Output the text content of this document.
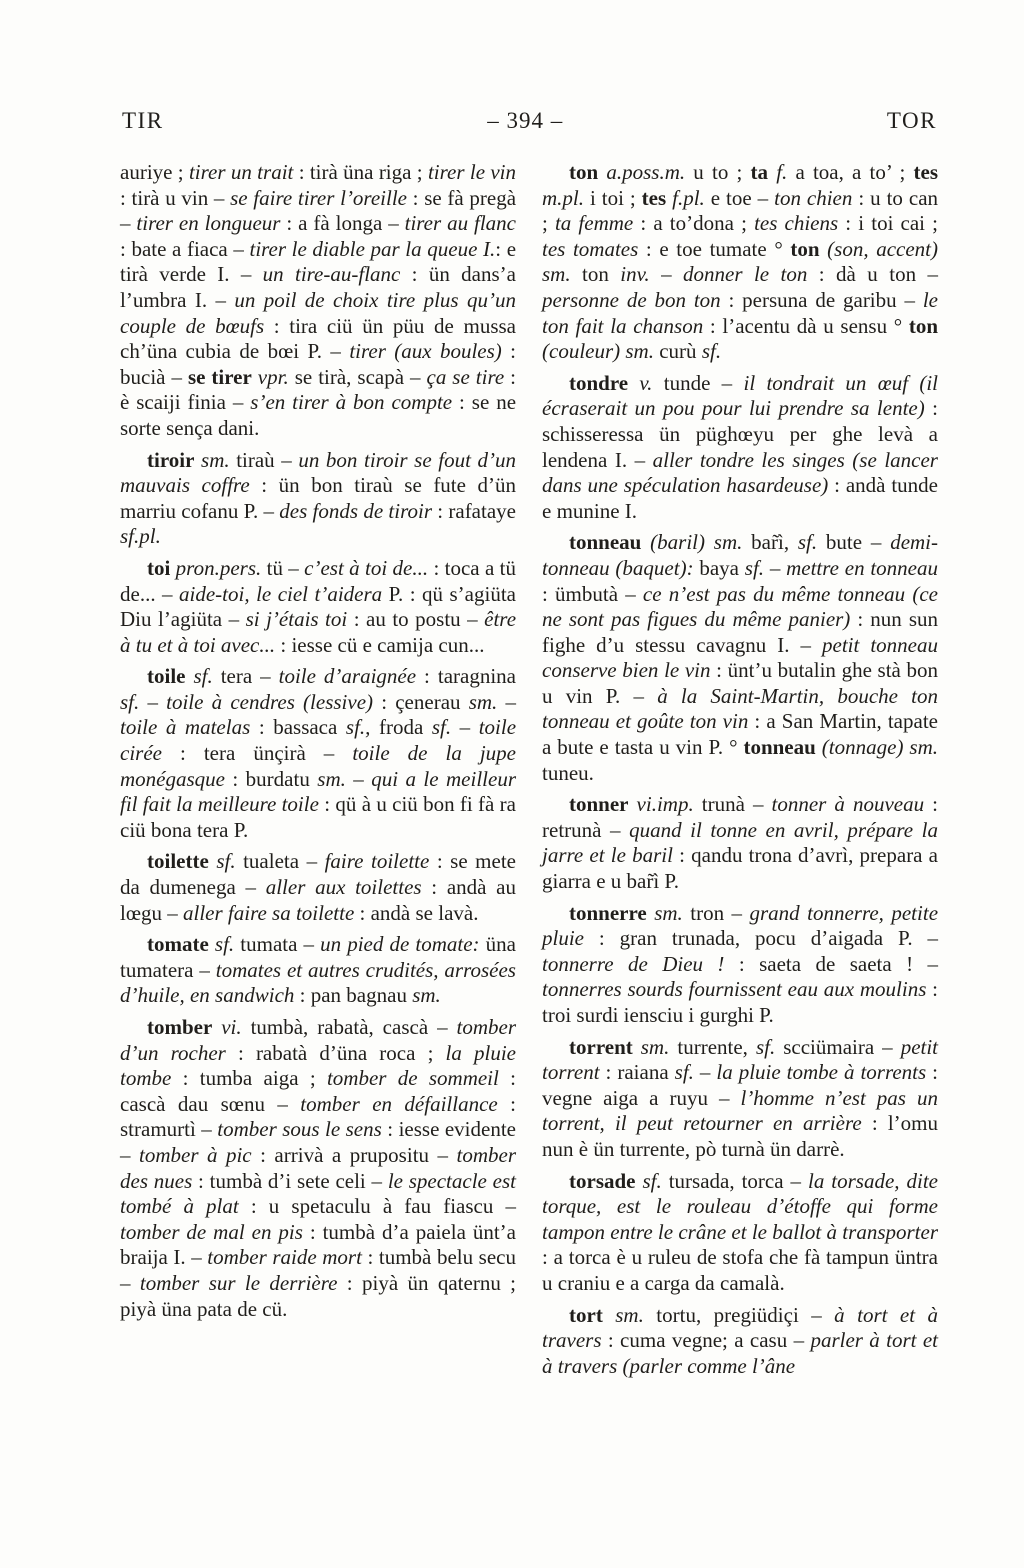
TIR	– 394 –	TOR

auriye ; tirer un trait : tirà üna riga ; tirer le vin : tirà u vin – se faire tirer l’oreille : se fà pregà – tirer en longueur : a fà longa – tirer au flanc : bate a fiaca – tirer le diable par la queue I.: e tirà verde I. – un tire-au-flanc : ün dans’a l’umbra I. – un poil de choix tire plus qu’un couple de bœufs : tira ciü ün püu de mussa ch’üna cubia de bœi P. – tirer (aux boules) : bucià – se tirer vpr. se tirà, scapà – ça se tire : è scaiji finia – s’en tirer à bon compte : se ne sorte sença dani.

tiroir sm. tiraù – un bon tiroir se fout d’un mauvais coffre : ün bon tiraù se fute d’ün marriu cofanu P. – des fonds de tiroir : rafataye sf.pl.

toi pron.pers. tü – c’est à toi de... : toca a tü de... – aide-toi, le ciel t’aidera P. : qü s’agiüta Diu l’agiüta – si j’étais toi : au to postu – être à tu et à toi avec... : iesse cü e camija cun...

toile sf. tera – toile d’araignée : taragnina sf. – toile à cendres (lessive) : çenerau sm. – toile à matelas : bassaca sf., froda sf. – toile cirée : tera ünçirà – toile de la jupe monégasque : burdatu sm. – qui a le meilleur fil fait la meilleure toile : qü à u ciü bon fi fà ra ciü bona tera P.

toilette sf. tualeta – faire toilette : se mete da dumenega – aller aux toilettes : andà au lœgu – aller faire sa toilette : andà se lavà.

tomate sf. tumata – un pied de tomate: üna tumatera – tomates et autres crudités, arrosées d’huile, en sandwich : pan bagnau sm.

tomber vi. tumbà, rabatà, cascà – tomber d’un rocher : rabatà d’üna roca ; la pluie tombe : tumba aiga ; tomber de sommeil : cascà dau sœnu – tomber en défaillance : stramurtì – tomber sous le sens : iesse evidente – tomber à pic : arrivà a prupositu – tomber des nues : tumbà d’i sete celi – le spectacle est tombé à plat : u spetaculu à fau fiascu – tomber de mal en pis : tumbà d’a paiela ünt’a braija I. – tomber raide mort : tumbà belu secu – tomber sur le derrière : piyà ün qaternu ; piyà üna pata de cü.

ton a.poss.m. u to ; ta f. a toa, a to’ ; tes m.pl. i toi ; tes f.pl. e toe – ton chien : u to can ; ta femme : a to’dona ; tes chiens : i toi cai ; tes tomates : e toe tumate ° ton (son, accent) sm. ton inv. – donner le ton : dà u ton – personne de bon ton : persuna de garibu – le ton fait la chanson : l’acentu dà u sensu ° ton (couleur) sm. curù sf.

tondre v. tunde – il tondrait un œuf (il écraserait un pou pour lui prendre sa lente) : schisseressa ün püghœyu per ghe levà a lendena I. – aller tondre les singes (se lancer dans une spéculation hasardeuse) : andà tunde e munine I.

tonneau (baril) sm. bar̃ì, sf. bute – demi-tonneau (baquet): baya sf. – mettre en tonneau : ümbutà – ce n’est pas du même tonneau (ce ne sont pas figues du même panier) : nun sun fighe d’u stessu cavagnu I. – petit tonneau conserve bien le vin : ünt’u butalin ghe stà bon u vin P. – à la Saint-Martin, bouche ton tonneau et goûte ton vin : a San Martin, tapate a bute e tasta u vin P. ° tonneau (tonnage) sm. tuneu.

tonner vi.imp. trunà – tonner à nouveau : retrunà – quand il tonne en avril, prépare la jarre et le baril : qandu trona d’avrì, prepara a giarra e u bar̃ì P.

tonnerre sm. tron – grand tonnerre, petite pluie : gran trunada, pocu d’aigada P. – tonnerre de Dieu ! : saeta de saeta ! – tonnerres sourds fournissent eau aux moulins : troi surdi iensciu i gurghi P.

torrent sm. turrente, sf. scciümaira – petit torrent : raiana sf. – la pluie tombe à torrents : vegne aiga a ruyu – l’homme n’est pas un torrent, il peut retourner en arrière : l’omu nun è ün turrente, pò turnà ün darrè.

torsade sf. tursada, torca – la torsade, dite torque, est le rouleau d’étoffe qui forme tampon entre le crâne et le ballot à transporter : a torca è u ruleu de stofa che fà tampun üntra u craniu e a carga da camalà.

tort sm. tortu, pregiüdiçi – à tort et à travers : cuma vegne; a casu – parler à tort et à travers (parler comme l’âne
